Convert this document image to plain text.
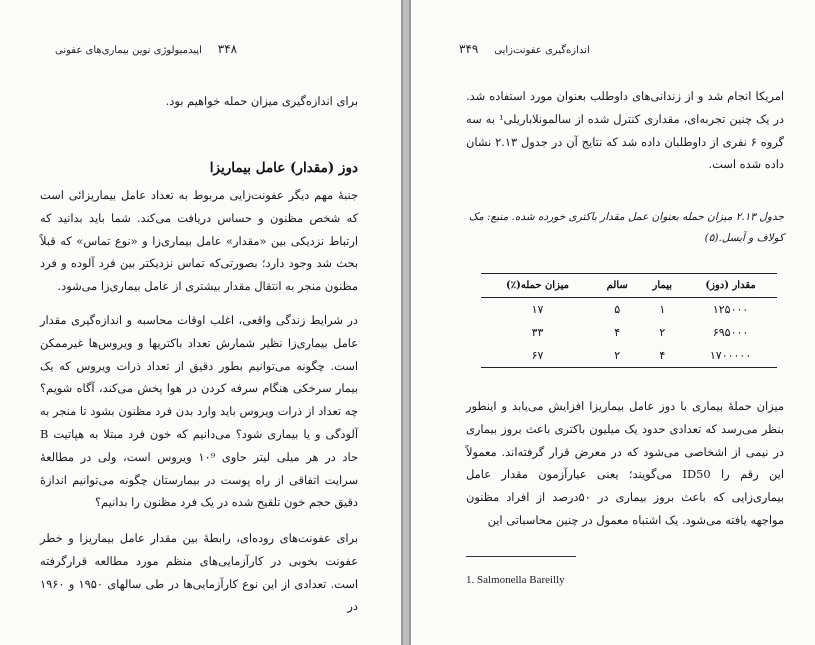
۳۴۸     اپیدمیولوژی نوین بیماری‌های عفونی

برای اندازه‌گیری میزان حمله خواهیم بود.

دوز (مقدار) عامل بیماریزا

جنبهٔ مهم دیگر عفونت‌زایی مربوط به تعداد عامل بیماریزائی است که شخص مظنون و حساس دریافت می‌کند. شما باید بدانید که ارتباط نزدیکی بین «مقدار» عامل بیماری‌زا و «نوع تماس» که قبلاً بحث شد وجود دارد؛ بصورتی‌که تماس نزدیکتر بین فرد آلوده و فرد مظنون منجر به انتقال مقدار بیشتری از عامل بیماری‌زا می‌شود.

در شرایط زندگی واقعی، اغلب اوقات محاسبه و اندازه‌گیری مقدار عامل بیماری‌زا نظیر شمارش تعداد باکتریها و ویروس‌ها غیرممکن است. چگونه می‌توانیم بطور دقیق از تعداد ذرات ویروس که یک بیمار سرخکی هنگام سرفه کردن در هوا پخش می‌کند، آگاه شویم؟ چه تعداد از ذرات ویروس باید وارد بدن فرد مظنون بشود تا منجر به آلودگی و یا بیماری شود؟ می‌دانیم که خون فرد مبتلا به هپاتیت B حاد در هر میلی لیتر حاوی ۱۰⁹ ویروس است، ولی در مطالعهٔ سرایت اتفاقی از راه پوست در بیمارستان چگونه می‌توانیم اندازهٔ دقیق حجم خون تلقیح شده در یک فرد مظنون را بدانیم؟

برای عفونت‌های روده‌ای، رابطهٔ بین مقدار عامل بیماریزا و خطر عفونت بخوبی در کارآزمایی‌های منظم مورد مطالعه قرارگرفته است. تعدادی از این نوع کارآزمایی‌ها در طی سالهای ۱۹۵۰ و ۱۹۶۰ در

اندازه‌گیری عفونت‌زایی     ۳۴۹

امریکا انجام شد و از زندانی‌های داوطلب بعنوان مورد استفاده شد. در یک چنین تجربه‌ای، مقداری کنترل شده از سالمونلاباریلی¹ به سه گروه ۶ نفری از داوطلبان داده شد که نتایج آن در جدول ۲.۱۳ نشان داده شده است.

جدول ۲.۱۳ میزان حمله بعنوان عمل مقدار باکتری خورده شده. منبع: مک کولاف و آیسل.(۵)

مقدار (دوز)	بیمار	سالم	میزان حمله(٪)
۱۲۵۰۰۰	۱	۵	۱۷
۶۹۵۰۰۰	۲	۴	۳۳
۱۷۰۰۰۰۰	۴	۲	۶۷

میزان حملهٔ بیماری با دوز عامل بیماریزا افزایش می‌یابد و اینطور بنظر می‌رسد که تعدادی حدود یک میلیون باکتری باعث بروز بیماری در نیمی از اشخاصی می‌شود که در معرض قرار گرفته‌اند. معمولاً این رقم را ID50 می‌گویند؛ یعنی عیارآزمون مقدار عامل بیماری‌زایی که باعث بروز بیماری در ۵۰درصد از افراد مظنون مواجهه یافته می‌شود. یک اشتباه معمول در چنین محاسباتی این

1. Salmonella Bareilly
